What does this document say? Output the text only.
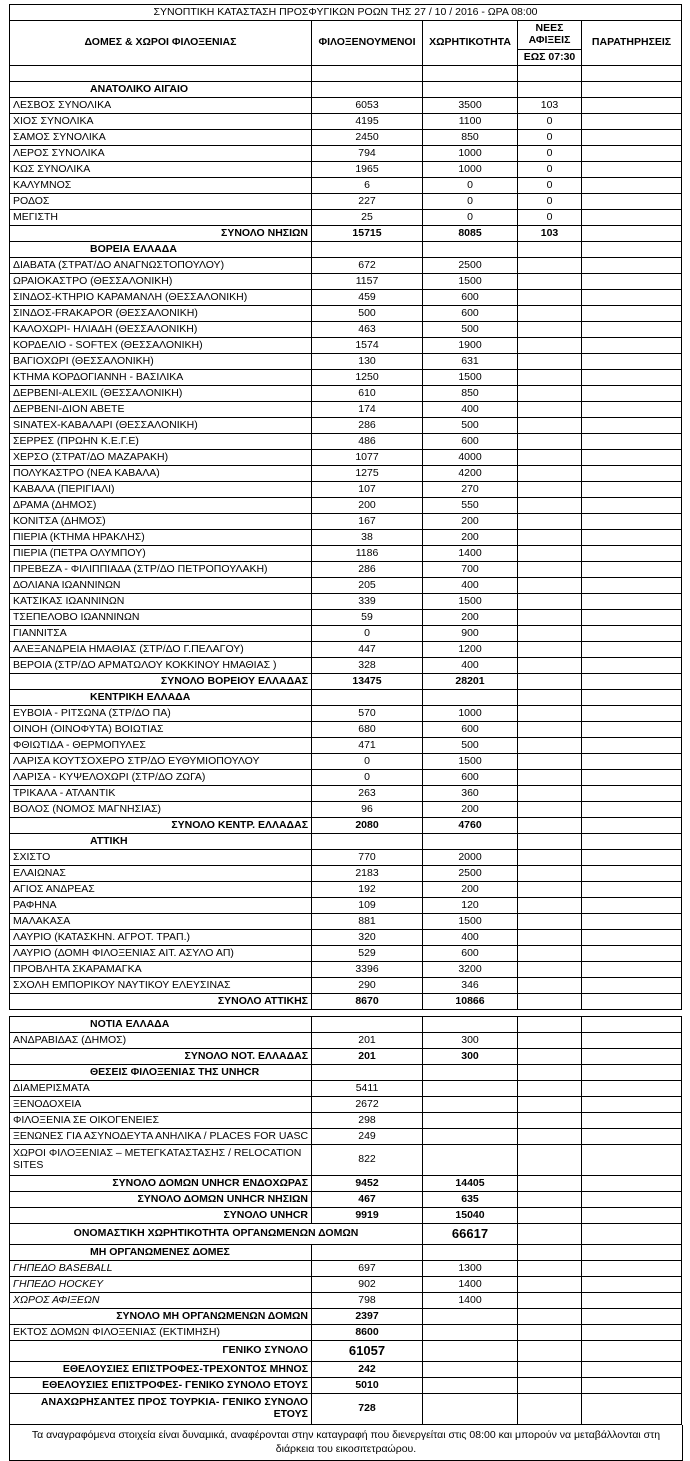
ΣΥΝΟΠΤΙΚΗ ΚΑΤΑΣΤΑΣΗ ΠΡΟΣΦΥΓΙΚΩΝ ΡΟΩΝ ΤΗΣ 27 / 10 / 2016 - ΩΡΑ 08:00				
ΔΟΜΕΣ & ΧΩΡΟΙ ΦΙΛΟΞΕΝΙΑΣ	ΦΙΛΟΞΕΝΟΥΜΕΝΟΙ	ΧΩΡΗΤΙΚΟΤΗΤΑ	ΝΕΕΣ ΑΦΙΞΕΙΣ	ΠΑΡΑΤΗΡΗΣΕΙΣ
			ΕΩΣ 07:30	

ΑΝΑΤΟΛΙΚΟ ΑΙΓΑΙΟ				
ΛΕΣΒΟΣ ΣΥΝΟΛΙΚΑ	6053	3500	103	
ΧΙΟΣ ΣΥΝΟΛΙΚΑ	4195	1100	0	
ΣΑΜΟΣ ΣΥΝΟΛΙΚΑ	2450	850	0	
ΛΕΡΟΣ ΣΥΝΟΛΙΚΑ	794	1000	0	
ΚΩΣ ΣΥΝΟΛΙΚΑ	1965	1000	0	
ΚΑΛΥΜΝΟΣ	6	0	0	
ΡΟΔΟΣ	227	0	0	
ΜΕΓΙΣΤΗ	25	0	0	
ΣΥΝΟΛΟ ΝΗΣΙΩΝ	15715	8085	103	
ΒΟΡΕΙΑ ΕΛΛΑΔΑ				
ΔΙΑΒΑΤΑ (ΣΤΡΑΤ/ΔΟ ΑΝΑΓΝΩΣΤΟΠΟΥΛΟΥ)	672	2500		
ΩΡΑΙΟΚΑΣΤΡΟ (ΘΕΣΣΑΛΟΝΙΚΗ)	1157	1500		
ΣΙΝΔΟΣ-ΚΤΗΡΙΟ ΚΑΡΑΜΑΝΛΗ (ΘΕΣΣΑΛΟΝΙΚΗ)	459	600		
ΣΙΝΔΟΣ-FRAKAPOR (ΘΕΣΣΑΛΟΝΙΚΗ)	500	600		
ΚΑΛΟΧΩΡΙ- ΗΛΙΑΔΗ (ΘΕΣΣΑΛΟΝΙΚΗ)	463	500		
ΚΟΡΔΕΛΙΟ - SOFTEX (ΘΕΣΣΑΛΟΝΙΚΗ)	1574	1900		
ΒΑΓΙΟΧΩΡΙ (ΘΕΣΣΑΛΟΝΙΚΗ)	130	631		
ΚΤΗΜΑ ΚΟΡΔΟΓΙΑΝΝΗ - ΒΑΣΙΛΙΚΑ	1250	1500		
ΔΕΡΒΕΝΙ-ALEXIL (ΘΕΣΣΑΛΟΝΙΚΗ)	610	850		
ΔΕΡΒΕΝΙ-ΔΙΟΝ ΑΒΕΤΕ	174	400		
SINATEX-ΚΑΒΑΛΑΡΙ (ΘΕΣΣΑΛΟΝΙΚΗ)	286	500		
ΣΕΡΡΕΣ (ΠΡΩΗΝ Κ.Ε.Γ.Ε)	486	600		
ΧΕΡΣΟ (ΣΤΡΑΤ/ΔΟ ΜΑΖΑΡΑΚΗ)	1077	4000		
ΠΟΛΥΚΑΣΤΡΟ (ΝΕΑ ΚΑΒΑΛΑ)	1275	4200		
ΚΑΒΑΛΑ (ΠΕΡΙΓΙΑΛΙ)	107	270		
ΔΡΑΜΑ (ΔΗΜΟΣ)	200	550		
ΚΟΝΙΤΣΑ (ΔΗΜΟΣ)	167	200		
ΠΙΕΡΙΑ (ΚΤΗΜΑ ΗΡΑΚΛΗΣ)	38	200		
ΠΙΕΡΙΑ (ΠΕΤΡΑ ΟΛΥΜΠΟΥ)	1186	1400		
ΠΡΕΒΕΖΑ - ΦΙΛΙΠΠΙΑΔΑ (ΣΤΡ/ΔΟ ΠΕΤΡΟΠΟΥΛΑΚΗ)	286	700		
ΔΟΛΙΑΝΑ ΙΩΑΝΝΙΝΩΝ	205	400		
ΚΑΤΣΙΚΑΣ ΙΩΑΝΝΙΝΩΝ	339	1500		
ΤΣΕΠΕΛΟΒΟ ΙΩΑΝΝΙΝΩΝ	59	200		
ΓΙΑΝΝΙΤΣΑ	0	900		
ΑΛΕΞΑΝΔΡΕΙΑ ΗΜΑΘΙΑΣ (ΣΤΡ/ΔΟ Γ.ΠΕΛΑΓΟΥ)	447	1200		
ΒΕΡΟΙΑ (ΣΤΡ/ΔΟ ΑΡΜΑΤΩΛΟΥ ΚΟΚΚΙΝΟΥ ΗΜΑΘΙΑΣ )	328	400		
ΣΥΝΟΛΟ ΒΟΡΕΙΟΥ ΕΛΛΑΔΑΣ	13475	28201		
ΚΕΝΤΡΙΚΗ ΕΛΛΑΔΑ				
ΕΥΒΟΙΑ - ΡΙΤΣΩΝΑ (ΣΤΡ/ΔΟ ΠΑ)	570	1000		
ΟΙΝΟΗ (ΟΙΝΟΦΥΤΑ) ΒΟΙΩΤΙΑΣ	680	600		
ΦΘΙΩΤΙΔΑ - ΘΕΡΜΟΠΥΛΕΣ	471	500		
ΛΑΡΙΣΑ ΚΟΥΤΣΟΧΕΡΟ ΣΤΡ/ΔΟ ΕΥΘΥΜΙΟΠΟΥΛΟΥ	0	1500		
ΛΑΡΙΣΑ - ΚΥΨΕΛΟΧΩΡΙ (ΣΤΡ/ΔΟ ΖΩΓΑ)	0	600		
ΤΡΙΚΑΛΑ - ΑΤΛΑΝΤΙΚ	263	360		
ΒΟΛΟΣ (ΝΟΜΟΣ ΜΑΓΝΗΣΙΑΣ)	96	200		
ΣΥΝΟΛΟ ΚΕΝΤΡ. ΕΛΛΑΔΑΣ	2080	4760		
ΑΤΤΙΚΗ				
ΣΧΙΣΤΟ	770	2000		
ΕΛΑΙΩΝΑΣ	2183	2500		
ΑΓΙΟΣ ΑΝΔΡΕΑΣ	192	200		
ΡΑΦΗΝΑ	109	120		
ΜΑΛΑΚΑΣΑ	881	1500		
ΛΑΥΡΙΟ (ΚΑΤΑΣΚΗΝ. ΑΓΡΟΤ. ΤΡΑΠ.)	320	400		
ΛΑΥΡΙΟ (ΔΟΜΗ ΦΙΛΟΞΕΝΙΑΣ ΑΙΤ. ΑΣΥΛΟ ΑΠ)	529	600		
ΠΡΟΒΛΗΤΑ ΣΚΑΡΑΜΑΓΚΑ	3396	3200		
ΣΧΟΛΗ ΕΜΠΟΡΙΚΟΥ ΝΑΥΤΙΚΟΥ ΕΛΕΥΣΙΝΑΣ	290	346		
ΣΥΝΟΛΟ ΑΤΤΙΚΗΣ	8670	10866		
ΝΟΤΙΑ ΕΛΛΑΔΑ				
ΑΝΔΡΑΒΙΔΑΣ (ΔΗΜΟΣ)	201	300		
ΣΥΝΟΛΟ ΝΟΤ. ΕΛΛΑΔΑΣ	201	300		
ΘΕΣΕΙΣ ΦΙΛΟΞΕΝΙΑΣ ΤΗΣ UNHCR				
ΔΙΑΜΕΡΙΣΜΑΤΑ	5411			
ΞΕΝΟΔΟΧΕΙΑ	2672			
ΦΙΛΟΞΕΝΙΑ ΣΕ ΟΙΚΟΓΕΝΕΙΕΣ	298			
ΞΕΝΩΝΕΣ ΓΙΑ ΑΣΥΝΟΔΕΥΤΑ ΑΝΗΛΙΚΑ / PLACES FOR UASC	249			
ΧΩΡΟΙ ΦΙΛΟΞΕΝΙΑΣ – ΜΕΤΕΓΚΑΤΑΣΤΑΣΗΣ / RELOCATION SITES	822			
ΣΥΝΟΛΟ ΔΟΜΩΝ UNHCR ΕΝΔΟΧΩΡΑΣ	9452	14405		
ΣΥΝΟΛΟ ΔΟΜΩΝ UNHCR ΝΗΣΙΩΝ	467	635		
ΣΥΝΟΛΟ UNHCR	9919	15040		
ΟΝΟΜΑΣΤΙΚΗ ΧΩΡΗΤΙΚΟΤΗΤΑ ΟΡΓΑΝΩΜΕΝΩΝ ΔΟΜΩΝ		66617		
ΜΗ ΟΡΓΑΝΩΜΕΝΕΣ ΔΟΜΕΣ				
ΓΗΠΕΔΟ BASEBALL	697	1300		
ΓΗΠΕΔΟ HOCKEY	902	1400		
ΧΩΡΟΣ ΑΦΙΞΕΩΝ	798	1400		
ΣΥΝΟΛΟ ΜΗ ΟΡΓΑΝΩΜΕΝΩΝ ΔΟΜΩΝ	2397			
ΕΚΤΟΣ ΔΟΜΩΝ ΦΙΛΟΞΕΝΙΑΣ (ΕΚΤΙΜΗΣΗ)	8600			
ΓΕΝΙΚΟ ΣΥΝΟΛΟ	61057			
ΕΘΕΛΟΥΣΙΕΣ ΕΠΙΣΤΡΟΦΕΣ-ΤΡΕΧΟΝΤΟΣ ΜΗΝΟΣ	242			
ΕΘΕΛΟΥΣΙΕΣ ΕΠΙΣΤΡΟΦΕΣ- ΓΕΝΙΚΟ ΣΥΝΟΛΟ ΕΤΟΥΣ	5010			
ΑΝΑΧΩΡΗΣΑΝΤΕΣ ΠΡΟΣ ΤΟΥΡΚΙΑ- ΓΕΝΙΚΟ ΣΥΝΟΛΟ ΕΤΟΥΣ	728			
Τα αναγραφόμενα στοιχεία είναι δυναμικά, αναφέρονται στην καταγραφή που διενεργείται στις 08:00 και μπορούν να μεταβάλλονται στη διάρκεια του εικοσιτετραώρου.
